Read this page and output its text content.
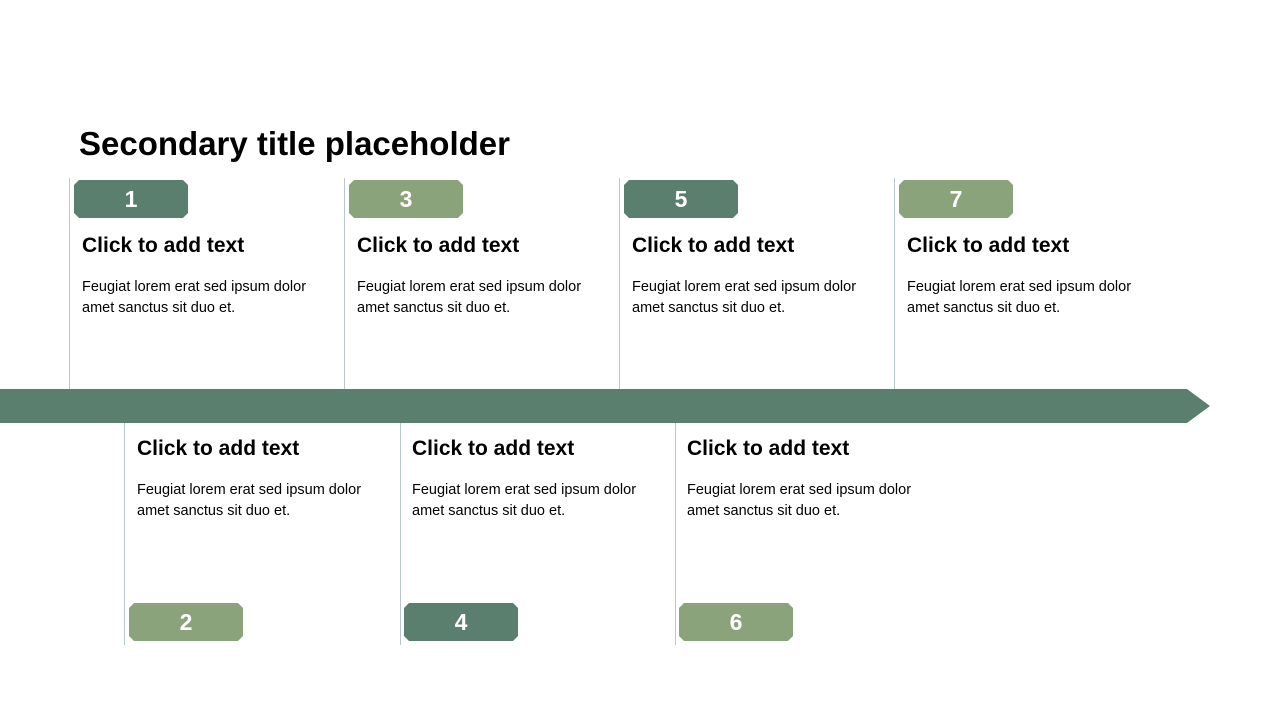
Secondary title placeholder
1
Click to add text
Feugiat lorem erat sed ipsum dolor amet sanctus sit duo et.
3
Click to add text
Feugiat lorem erat sed ipsum dolor amet sanctus sit duo et.
5
Click to add text
Feugiat lorem erat sed ipsum dolor amet sanctus sit duo et.
7
Click to add text
Feugiat lorem erat sed ipsum dolor amet sanctus sit duo et.
Click to add text
Feugiat lorem erat sed ipsum dolor amet sanctus sit duo et.
2
Click to add text
Feugiat lorem erat sed ipsum dolor amet sanctus sit duo et.
4
Click to add text
Feugiat lorem erat sed ipsum dolor amet sanctus sit duo et.
6
